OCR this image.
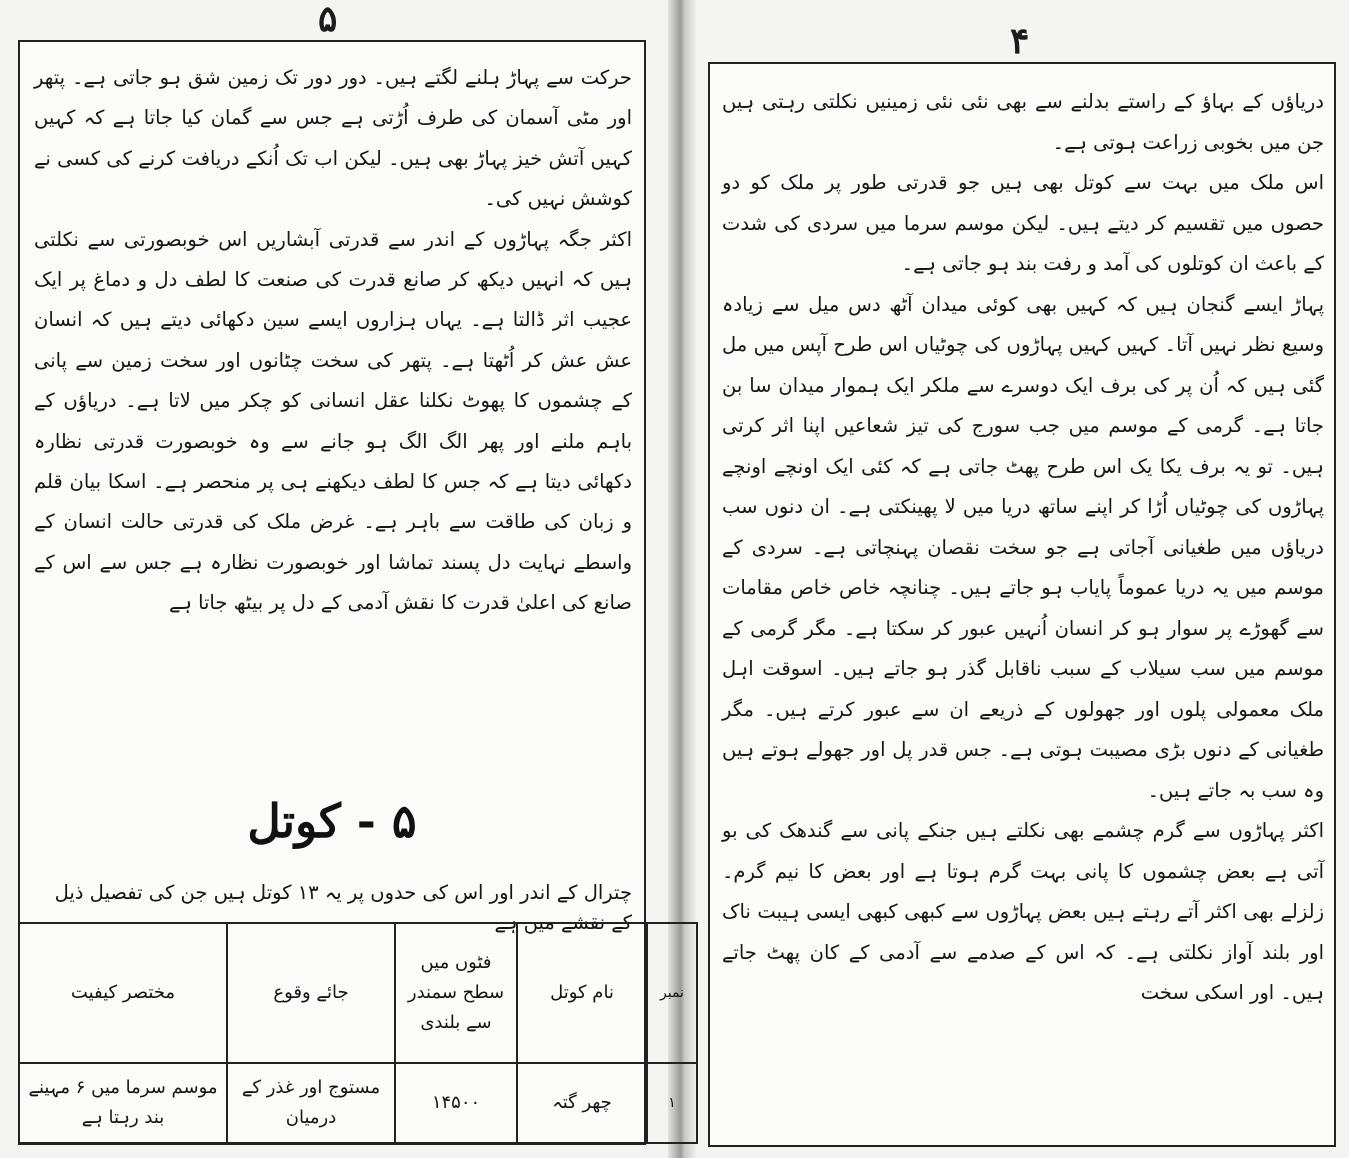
۵

حرکت سے پہاڑ ہلنے لگتے ہیں۔ دور دور تک زمین شق ہو جاتی ہے۔ پتھر اور مٹی آسمان کی طرف اُڑتی ہے جس سے گمان کیا جاتا ہے کہ کہیں کہیں آتش خیز پہاڑ بھی ہیں۔ لیکن اب تک اُنکے دریافت کرنے کی کسی نے کوشش نہیں کی۔

اکثر جگہ پہاڑوں کے اندر سے قدرتی آبشاریں اس خوبصورتی سے نکلتی ہیں کہ انہیں دیکھ کر صانع قدرت کی صنعت کا لطف دل و دماغ پر ایک عجیب اثر ڈالتا ہے۔ یہاں ہزاروں ایسے سین دکھائی دیتے ہیں کہ انسان عش عش کر اُٹھتا ہے۔ پتھر کی سخت چٹانوں اور سخت زمین سے پانی کے چشموں کا پھوٹ نکلنا عقل انسانی کو چکر میں لاتا ہے۔ دریاؤں کے باہم ملنے اور پھر الگ الگ ہو جانے سے وہ خوبصورت قدرتی نظارہ دکھائی دیتا ہے کہ جس کا لطف دیکھنے ہی پر منحصر ہے۔ اسکا بیان قلم و زبان کی طاقت سے باہر ہے۔ غرض ملک کی قدرتی حالت انسان کے واسطے نہایت دل پسند تماشا اور خوبصورت نظارہ ہے جس سے اس کے صانع کی اعلیٰ قدرت کا نقش آدمی کے دل پر بیٹھ جاتا ہے

۵ - کوتل
چترال کے اندر اور اس کی حدوں پر یہ ۱۳ کوتل ہیں جن کی تفصیل ذیل کے نقشے میں ہے
نمبر	نام کوتل	فٹوں میں سطح سمندر سے بلندی	جائے وقوع	مختصر کیفیت
۱	چھر گتہ	۱۴۵۰۰	مستوج اور غذر کے درمیان	موسم سرما میں ۶ مہینے بند رہتا ہے
۴

دریاؤں کے بہاؤ کے راستے بدلنے سے بھی نئی نئی زمینیں نکلتی رہتی ہیں جن میں بخوبی زراعت ہوتی ہے۔

اس ملک میں بہت سے کوتل بھی ہیں جو قدرتی طور پر ملک کو دو حصوں میں تقسیم کر دیتے ہیں۔ لیکن موسم سرما میں سردی کی شدت کے باعث ان کوتلوں کی آمد و رفت بند ہو جاتی ہے۔

پہاڑ ایسے گنجان ہیں کہ کہیں بھی کوئی میدان آٹھ دس میل سے زیادہ وسیع نظر نہیں آتا۔ کہیں کہیں پہاڑوں کی چوٹیاں اس طرح آپس میں مل گئی ہیں کہ اُن پر کی برف ایک دوسرے سے ملکر ایک ہموار میدان سا بن جاتا ہے۔ گرمی کے موسم میں جب سورج کی تیز شعاعیں اپنا اثر کرتی ہیں۔ تو یہ برف یکا یک اس طرح پھٹ جاتی ہے کہ کئی ایک اونچے اونچے پہاڑوں کی چوٹیاں اُڑا کر اپنے ساتھ دریا میں لا پھینکتی ہے۔ ان دنوں سب دریاؤں میں طغیانی آجاتی ہے جو سخت نقصان پہنچاتی ہے۔ سردی کے موسم میں یہ دریا عموماً پایاب ہو جاتے ہیں۔ چنانچہ خاص خاص مقامات سے گھوڑے پر سوار ہو کر انسان اُنہیں عبور کر سکتا ہے۔ مگر گرمی کے موسم میں سب سیلاب کے سبب ناقابل گذر ہو جاتے ہیں۔ اسوقت اہل ملک معمولی پلوں اور جھولوں کے ذریعے ان سے عبور کرتے ہیں۔ مگر طغیانی کے دنوں بڑی مصیبت ہوتی ہے۔ جس قدر پل اور جھولے ہوتے ہیں وہ سب بہ جاتے ہیں۔

اکثر پہاڑوں سے گرم چشمے بھی نکلتے ہیں جنکے پانی سے گندھک کی بو آتی ہے بعض چشموں کا پانی بہت گرم ہوتا ہے اور بعض کا نیم گرم۔ زلزلے بھی اکثر آتے رہتے ہیں بعض پہاڑوں سے کبھی کبھی ایسی ہیبت ناک اور بلند آواز نکلتی ہے۔ کہ اس کے صدمے سے آدمی کے کان پھٹ جاتے ہیں۔ اور اسکی سخت
